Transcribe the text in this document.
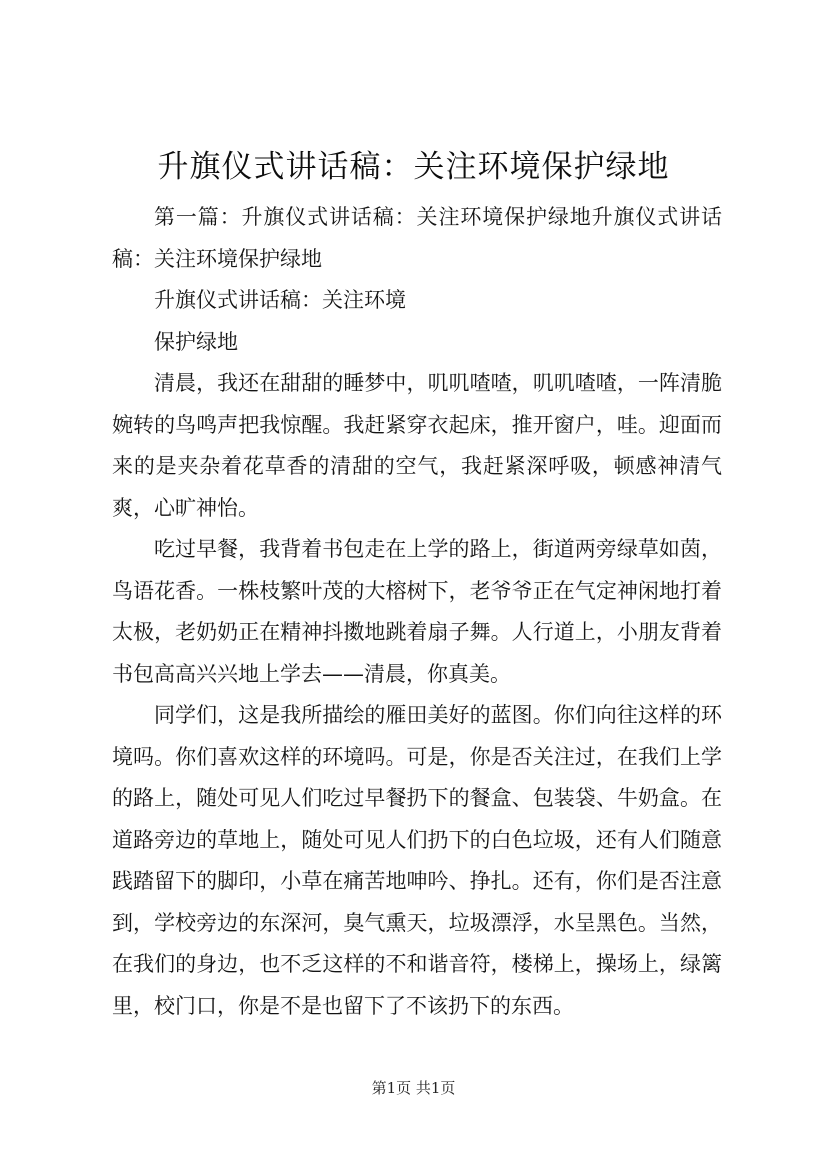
升旗仪式讲话稿：关注环境保护绿地

第一篇：升旗仪式讲话稿：关注环境保护绿地升旗仪式讲话稿：关注环境保护绿地

升旗仪式讲话稿：关注环境

保护绿地

清晨，我还在甜甜的睡梦中，叽叽喳喳，叽叽喳喳，一阵清脆婉转的鸟鸣声把我惊醒。我赶紧穿衣起床，推开窗户，哇。迎面而来的是夹杂着花草香的清甜的空气，我赶紧深呼吸，顿感神清气爽，心旷神怡。

吃过早餐，我背着书包走在上学的路上，街道两旁绿草如茵，鸟语花香。一株枝繁叶茂的大榕树下，老爷爷正在气定神闲地打着太极，老奶奶正在精神抖擞地跳着扇子舞。人行道上，小朋友背着书包高高兴兴地上学去——清晨，你真美。

同学们，这是我所描绘的雁田美好的蓝图。你们向往这样的环境吗。你们喜欢这样的环境吗。可是，你是否关注过，在我们上学的路上，随处可见人们吃过早餐扔下的餐盒、包装袋、牛奶盒。在道路旁边的草地上，随处可见人们扔下的白色垃圾，还有人们随意践踏留下的脚印，小草在痛苦地呻吟、挣扎。还有，你们是否注意到，学校旁边的东深河，臭气熏天，垃圾漂浮，水呈黑色。当然，在我们的身边，也不乏这样的不和谐音符，楼梯上，操场上，绿篱里，校门口，你是不是也留下了不该扔下的东西。

第1页 共1页
